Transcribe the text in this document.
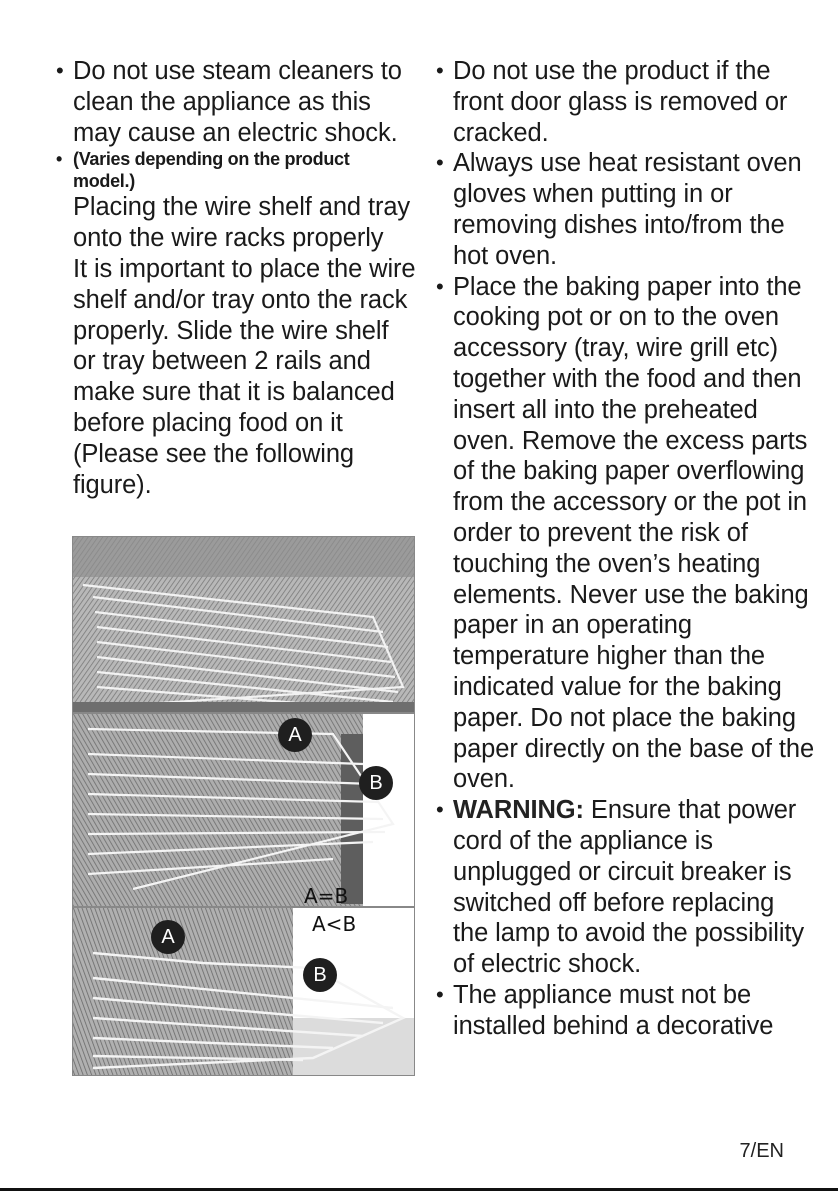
• Do not use steam cleaners to clean the appliance as this may cause an electric shock.

• (Varies depending on the product model.)

Placing the wire shelf and tray onto the wire racks properly

It is important to place the wire shelf and/or tray onto the rack properly. Slide the wire shelf or tray between 2 rails and make sure that it is balanced before placing food on it (Please see the following figure).

A
B
A
B
A=B
A<B

• Do not use the product if the front door glass is removed or cracked.

• Always use heat resistant oven gloves when putting in or removing dishes into/from the hot oven.

• Place the baking paper into the cooking pot or on to the oven accessory (tray, wire grill etc) together with the food and then insert all into the preheated oven. Remove the excess parts of the baking paper overflowing from the accessory or the pot in order to prevent the risk of touching the oven’s heating elements. Never use the baking paper in an operating temperature higher than the indicated value for the baking paper. Do not place the baking paper directly on the base of the oven.

• WARNING: Ensure that power cord of the appliance is unplugged or circuit breaker is switched off before replacing the lamp to avoid the possibility of electric shock.

• The appliance must not be installed behind a decorative

7/EN
